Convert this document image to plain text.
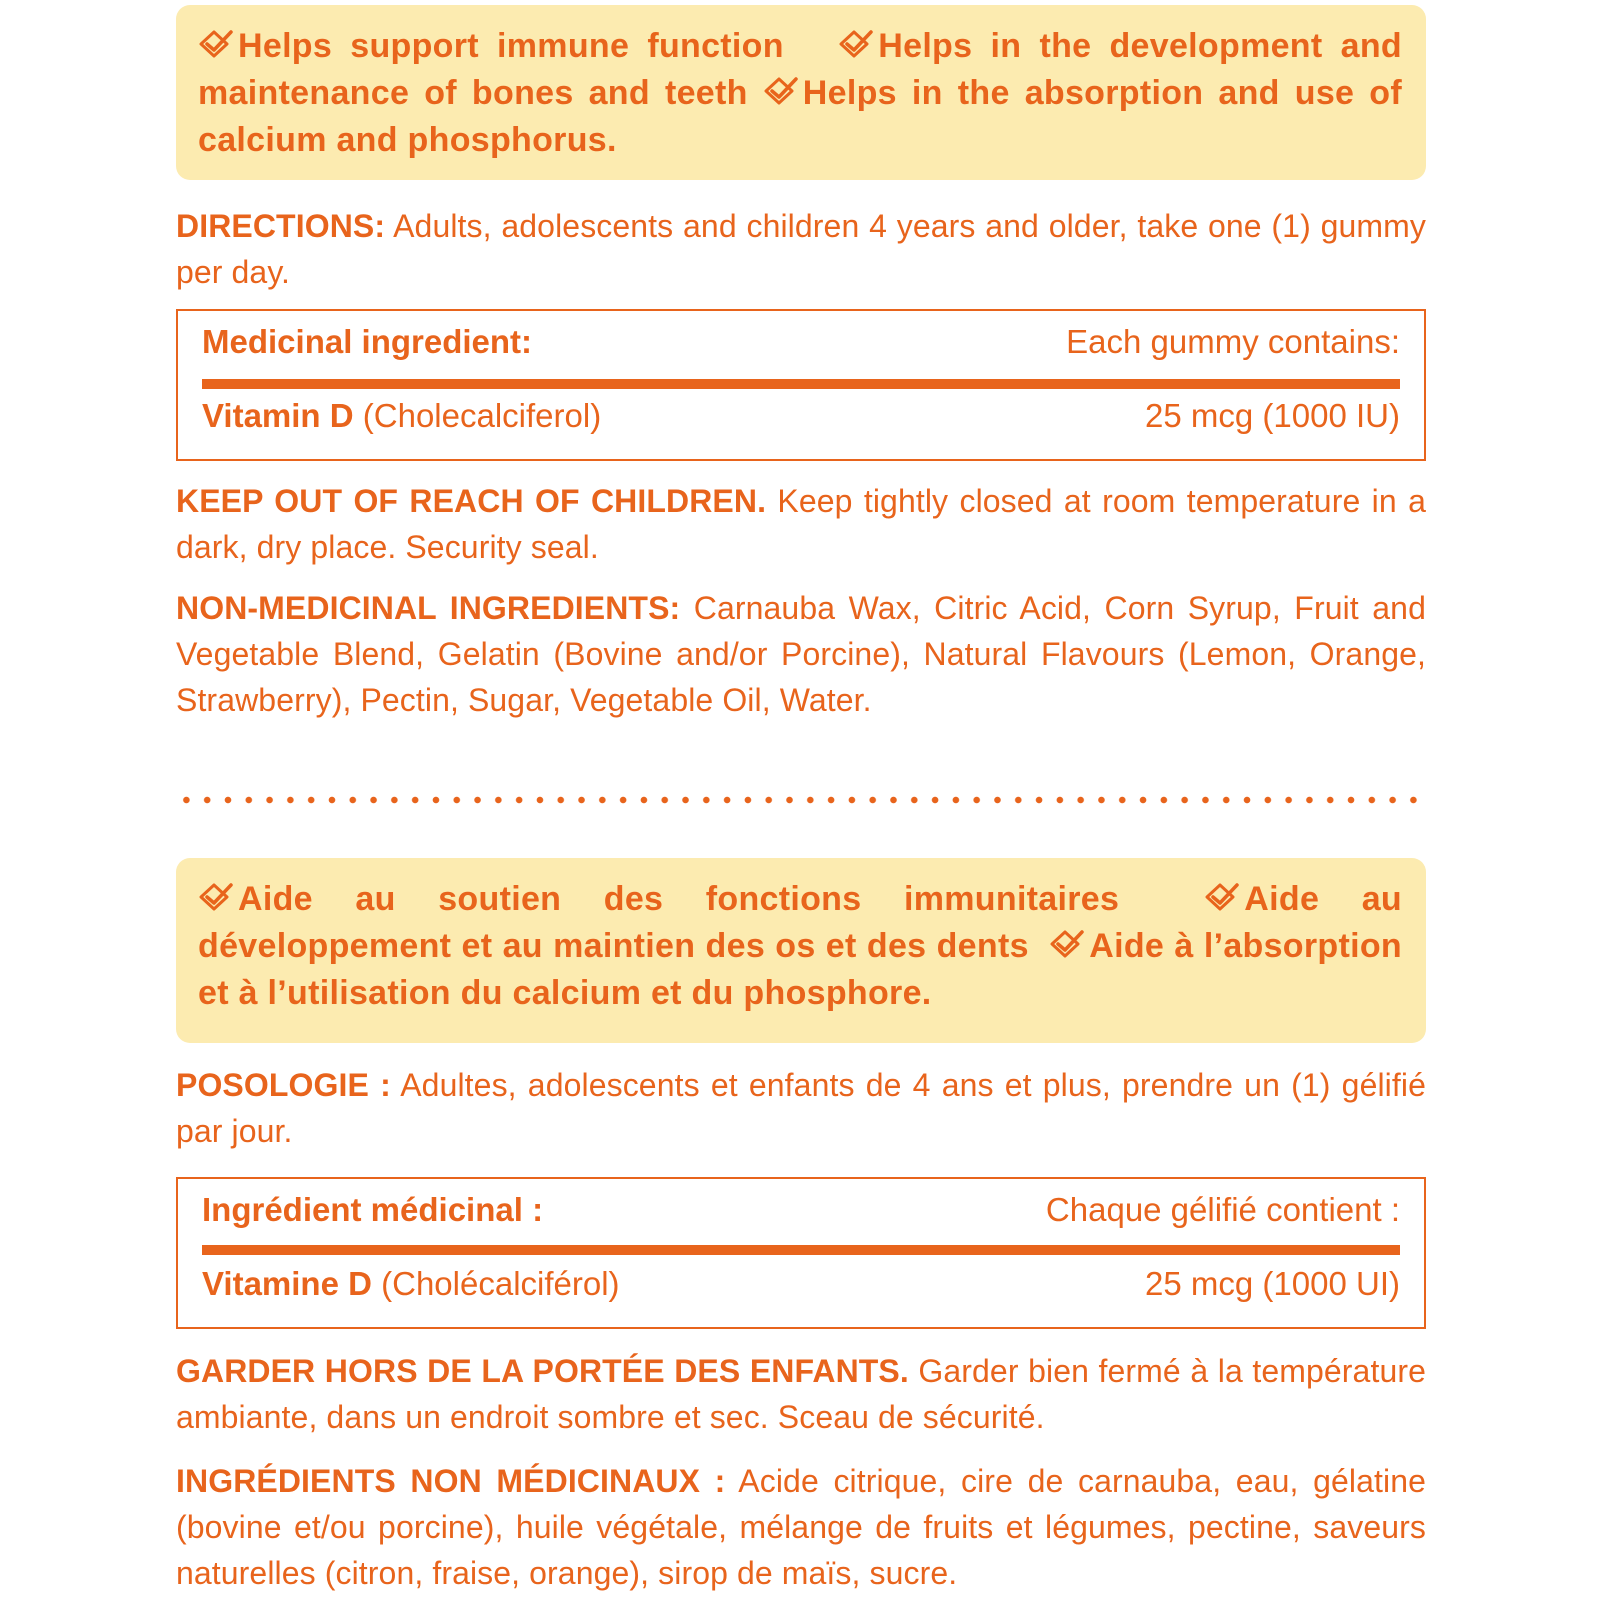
Helps support immune function	Helps in the development and maintenance of bones and teeth Helps in the absorption and use of calcium and phosphorus.
DIRECTIONS: Adults, adolescents and children 4 years and older, take one (1) gummy per day.
Medicinal ingredient:	Each gummy contains:
Vitamin D (Cholecalciferol)	25 mcg (1000 IU)
KEEP OUT OF REACH OF CHILDREN. Keep tightly closed at room temperature in a dark, dry place. Security seal.
NON-MEDICINAL INGREDIENTS: Carnauba Wax, Citric Acid, Corn Syrup, Fruit and Vegetable Blend, Gelatin (Bovine and/or Porcine), Natural Flavours (Lemon, Orange, Strawberry), Pectin, Sugar, Vegetable Oil, Water.
Aide au soutien des fonctions immunitaires	Aide au développement et au maintien des os et des dents Aide à l’absorption et à l’utilisation du calcium et du phosphore.
POSOLOGIE : Adultes, adolescents et enfants de 4 ans et plus, prendre un (1) gélifié par jour.
Ingrédient médicinal :	Chaque gélifié contient :
Vitamine D (Cholécalciférol)	25 mcg (1000 UI)
GARDER HORS DE LA PORTÉE DES ENFANTS. Garder bien fermé à la température ambiante, dans un endroit sombre et sec. Sceau de sécurité.
INGRÉDIENTS NON MÉDICINAUX : Acide citrique, cire de carnauba, eau, gélatine (bovine et/ou porcine), huile végétale, mélange de fruits et légumes, pectine, saveurs naturelles (citron, fraise, orange), sirop de maïs, sucre.
